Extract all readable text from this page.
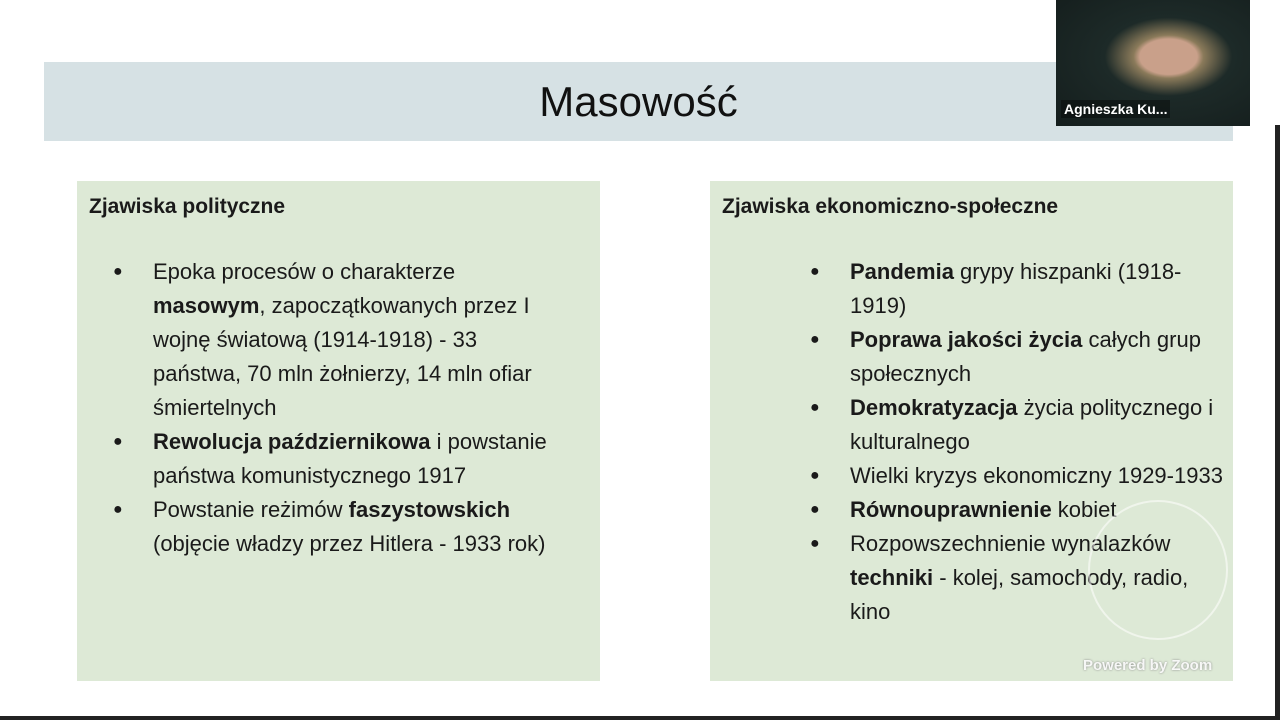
Masowość
Zjawiska polityczne
● Epoka procesów o charakterze masowym, zapoczątkowanych przez I wojnę światową (1914-1918) - 33 państwa, 70 mln żołnierzy, 14 mln ofiar śmiertelnych
● Rewolucja październikowa i powstanie państwa komunistycznego 1917
● Powstanie reżimów faszystowskich (objęcie władzy przez Hitlera - 1933 rok)
Zjawiska ekonomiczno-społeczne
● Pandemia grypy hiszpanki (1918-1919)
● Poprawa jakości życia całych grup społecznych
● Demokratyzacja życia politycznego i kulturalnego
● Wielki kryzys ekonomiczny 1929-1933
● Równouprawnienie kobiet
● Rozpowszechnienie wynalazków techniki - kolej, samochody, radio, kino
Powered by Zoom
Agnieszka Ku...
